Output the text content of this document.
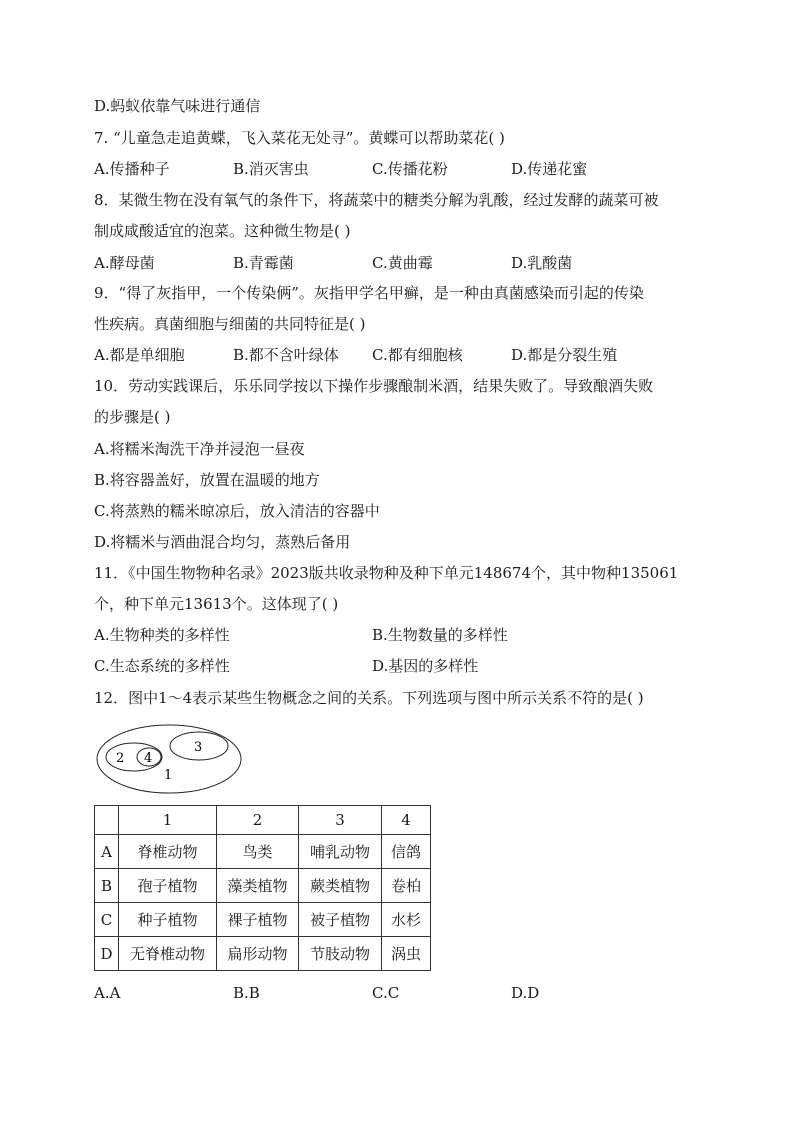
D.蚂蚁依靠气味进行通信
7. “儿童急走追黄蝶，飞入菜花无处寻”。黄蝶可以帮助菜花( )
A.传播种子	B.消灭害虫	C.传播花粉	D.传递花蜜
8．某微生物在没有氧气的条件下，将蔬菜中的糖类分解为乳酸，经过发酵的蔬菜可被
制成咸酸适宜的泡菜。这种微生物是( )
A.酵母菌	B.青霉菌	C.黄曲霉	D.乳酸菌
9．“得了灰指甲，一个传染俩”。灰指甲学名甲癣，是一种由真菌感染而引起的传染
性疾病。真菌细胞与细菌的共同特征是( )
A.都是单细胞	B.都不含叶绿体 C.都有细胞核	D.都是分裂生殖
10．劳动实践课后，乐乐同学按以下操作步骤酿制米酒，结果失败了。导致酿酒失败
的步骤是( )
A.将糯米淘洗干净并浸泡一昼夜
B.将容器盖好，放置在温暖的地方
C.将蒸熟的糯米晾凉后，放入清洁的容器中
D.将糯米与酒曲混合均匀，蒸熟后备用
11．《中国生物物种名录》2023版共收录物种及种下单元148674个，其中物种135061
个，种下单元13613个。这体现了( )
A.生物种类的多样性	B.生物数量的多样性
C.生态系统的多样性	D.基因的多样性
12．图中1～4表示某些生物概念之间的关系。下列选项与图中所示关系不符的是( )
2 4
3
1
	1	2	3	4
A	脊椎动物	鸟类	哺乳动物	信鸽
B	孢子植物	藻类植物	蕨类植物	卷柏
C	种子植物	裸子植物	被子植物	水杉
D	无脊椎动物	扁形动物	节肢动物	涡虫
A.A	B.B	C.C	D.D
